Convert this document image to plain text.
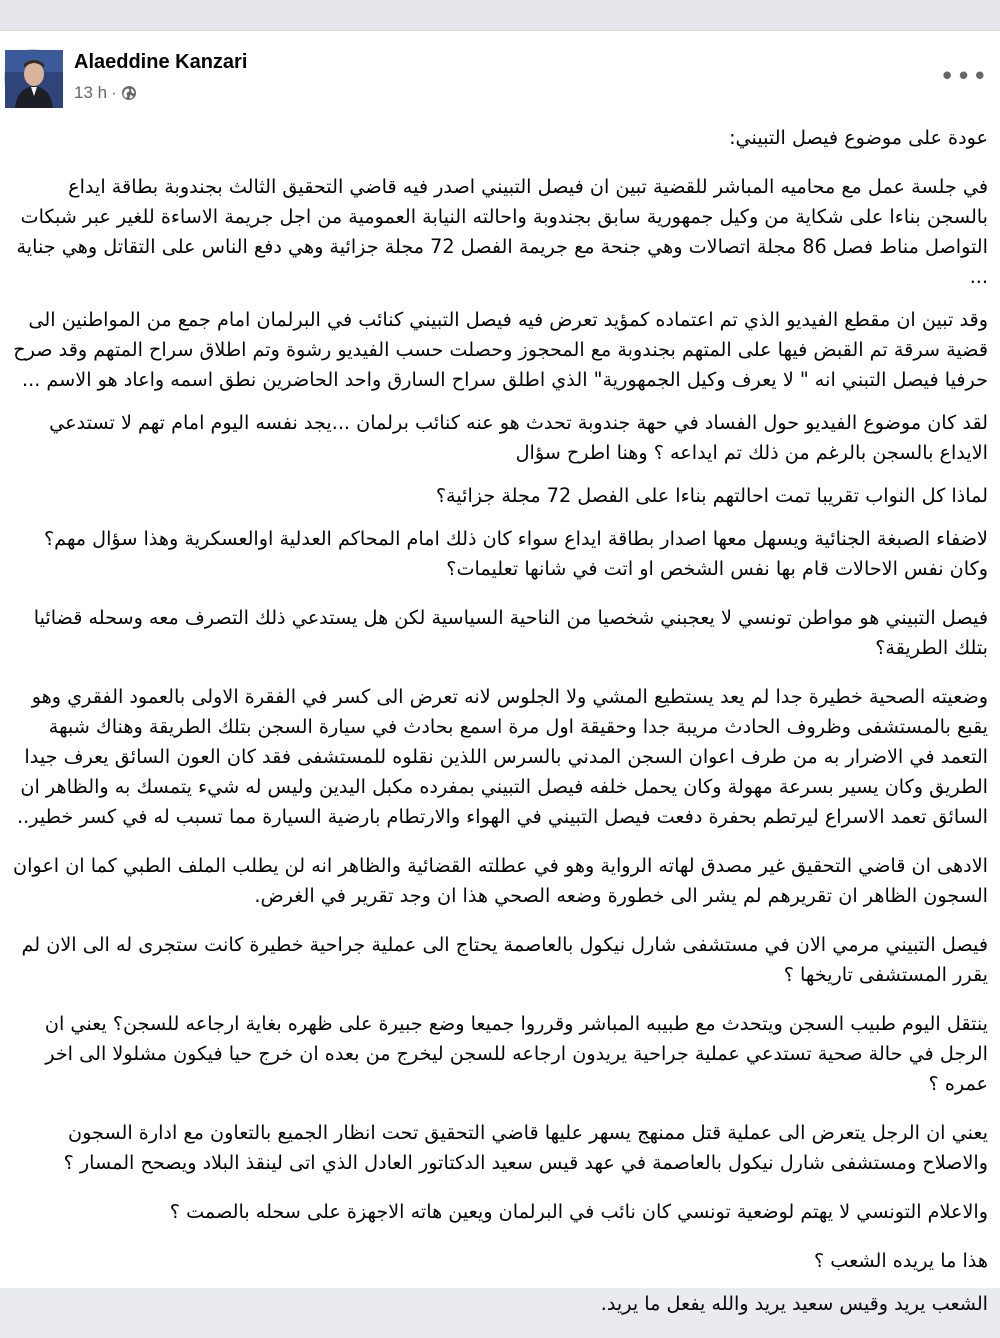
Alaeddine Kanzari
13 h ·
•••

عودة على موضوع فيصل التبيني:

في جلسة عمل مع محاميه المباشر للقضية تبين ان فيصل التبيني اصدر فيه قاضي التحقيق الثالث بجندوبة بطاقة ايداع بالسجن بناءا على شكاية من وكيل جمهورية سابق بجندوبة واحالته النيابة العمومية من اجل جريمة الاساءة للغير عبر شبكات التواصل مناط فصل 86 مجلة اتصالات وهي جنحة مع جريمة الفصل 72 مجلة جزائية وهي دفع الناس على التقاتل وهي جناية ...

وقد تبين ان مقطع الفيديو الذي تم اعتماده كمؤيد تعرض فيه فيصل التبيني كنائب في البرلمان امام جمع من المواطنين الى قضية سرقة تم القبض فيها على المتهم بجندوبة مع المحجوز وحصلت حسب الفيديو رشوة وتم اطلاق سراح المتهم وقد صرح حرفيا فيصل التبني انه " لا يعرف وكيل الجمهورية" الذي اطلق سراح السارق واحد الحاضرين نطق اسمه واعاد هو الاسم ...

لقد كان موضوع الفيديو حول الفساد في حهة جندوبة تحدث هو عنه كنائب برلمان ...يجد نفسه اليوم امام تهم لا تستدعي الايداع بالسجن بالرغم من ذلك تم ايداعه ؟ وهنا اطرح سؤال

لماذا كل النواب تقريبا تمت احالتهم بناءا على الفصل 72 مجلة جزائية؟

لاضفاء الصبغة الجنائية ويسهل معها اصدار بطاقة ايداع سواء كان ذلك امام المحاكم العدلية اوالعسكرية وهذا سؤال مهم؟ وكان نفس الاحالات قام بها نفس الشخص او اتت في شانها تعليمات؟

فيصل التبيني هو مواطن تونسي لا يعجبني شخصيا من الناحية السياسية لكن هل يستدعي ذلك التصرف معه وسحله قضائيا بتلك الطريقة؟

وضعيته الصحية خطيرة جدا لم يعد يستطيع المشي ولا الجلوس لانه تعرض الى كسر في الفقرة الاولى بالعمود الفقري وهو يقبع بالمستشفى وظروف الحادث مريبة جدا وحقيقة اول مرة اسمع بحادث في سيارة السجن بتلك الطريقة وهناك شبهة التعمد في الاضرار به من طرف اعوان السجن المدني بالسرس اللذين نقلوه للمستشفى فقد كان العون السائق يعرف جيدا الطريق وكان يسير بسرعة مهولة وكان يحمل خلفه فيصل التبيني بمفرده مكبل اليدين وليس له شيء يتمسك به والظاهر ان السائق تعمد الاسراع ليرتطم بحفرة دفعت فيصل التبيني في الهواء والارتطام بارضية السيارة مما تسبب له في كسر خطير..

الادهى ان قاضي التحقيق غير مصدق لهاته الرواية وهو في عطلته القضائية والظاهر انه لن يطلب الملف الطبي كما ان اعوان السجون الظاهر ان تقريرهم لم يشر الى خطورة وضعه الصحي هذا ان وجد تقرير في الغرض.

فيصل التبيني مرمي الان في مستشفى شارل نيكول بالعاصمة يحتاج الى عملية جراحية خطيرة كانت ستجرى له الى الان لم يقرر المستشفى تاريخها ؟

ينتقل اليوم طبيب السجن ويتحدث مع طبيبه المباشر وقرروا جميعا وضع جبيرة على ظهره بغاية ارجاعه للسجن؟ يعني ان الرجل في حالة صحية تستدعي عملية جراحية يريدون ارجاعه للسجن ليخرج من بعده ان خرج حيا فيكون مشلولا الى اخر عمره ؟

يعني ان الرجل يتعرض الى عملية قتل ممنهج يسهر عليها قاضي التحقيق تحت انظار الجميع بالتعاون مع ادارة السجون والاصلاح ومستشفى شارل نيكول بالعاصمة في عهد قيس سعيد الدكتاتور العادل الذي اتى لينقذ البلاد ويصحح المسار ؟

والاعلام التونسي لا يهتم لوضعية تونسي كان نائب في البرلمان ويعين هاته الاجهزة على سحله بالصمت ؟

هذا ما يريده الشعب ؟

الشعب يريد وقيس سعيد يريد والله يفعل ما يريد.
